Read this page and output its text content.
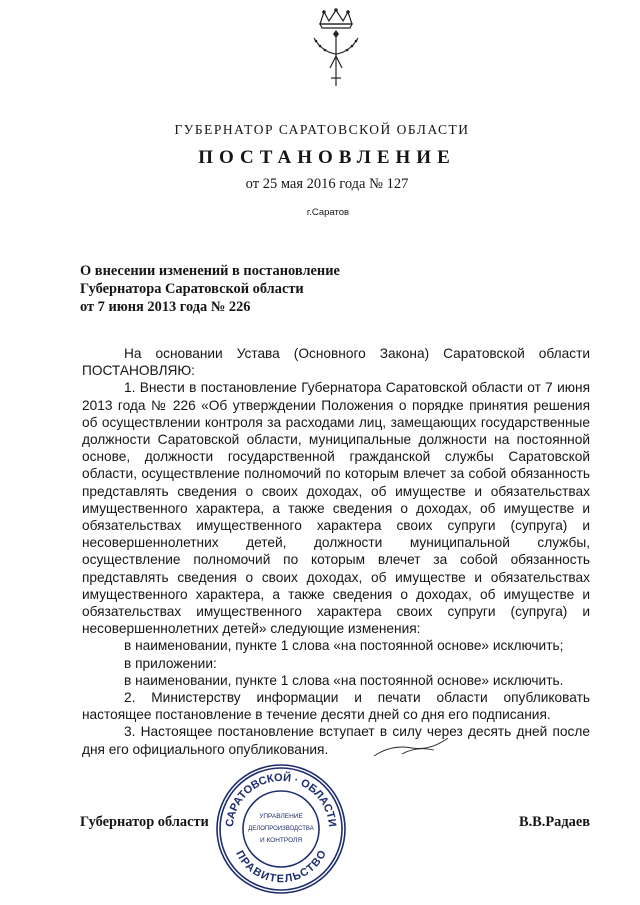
ГУБЕРНАТОР САРАТОВСКОЙ ОБЛАСТИ
ПОСТАНОВЛЕНИЕ
от 25 мая 2016 года № 127
г.Саратов
О внесении изменений в постановление
Губернатора Саратовской области
от 7 июня 2013 года № 226

На основании Устава (Основного Закона) Саратовской области ПОСТАНОВЛЯЮ:

1. Внести в постановление Губернатора Саратовской области от 7 июня 2013 года № 226 «Об утверждении Положения о порядке принятия решения об осуществлении контроля за расходами лиц, замещающих государственные должности Саратовской области, муниципальные должности на постоянной основе, должности государственной гражданской службы Саратовской области, осуществление полномочий по которым влечет за собой обязанность представлять сведения о своих доходах, об имуществе и обязательствах имущественного характера, а также сведения о доходах, об имуществе и обязательствах имущественного характера своих супруги (супруга) и несовершеннолетних детей, должности муниципальной службы, осуществление полномочий по которым влечет за собой обязанность представлять сведения о своих доходах, об имуществе и обязательствах имущественного характера, а также сведения о доходах, об имуществе и обязательствах имущественного характера своих супруги (супруга) и несовершеннолетних детей» следующие изменения:

в наименовании, пункте 1 слова «на постоянной основе» исключить;

в приложении:

в наименовании, пункте 1 слова «на постоянной основе» исключить.

2. Министерству информации и печати области опубликовать настоящее постановление в течение десяти дней со дня его подписания.

3. Настоящее постановление вступает в силу через десять дней после дня его официального опубликования.

Губернатор области	В.В.Радаев
САРАТОВСКОЙ · ОБЛАСТИ
ПРАВИТЕЛЬСТВО
УПРАВЛЕНИЕ
ДЕЛОПРОИЗВОДСТВА
И КОНТРОЛЯ
